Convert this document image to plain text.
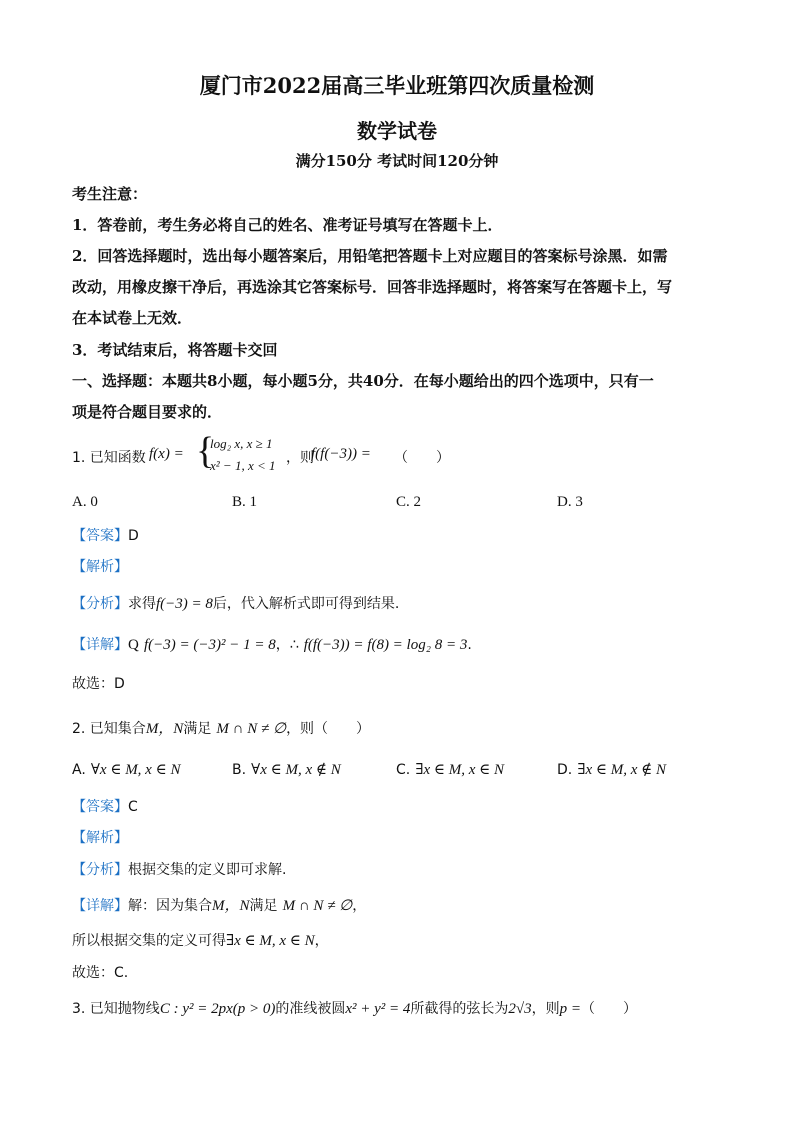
厦门市2022届高三毕业班第四次质量检测
数学试卷
满分150分 考试时间120分钟
考生注意：
1．答卷前，考生务必将自己的姓名、准考证号填写在答题卡上．
2．回答选择题时，选出每小题答案后，用铅笔把答题卡上对应题目的答案标号涂黑．如需
改动，用橡皮擦干净后，再选涂其它答案标号．回答非选择题时，将答案写在答题卡上，写
在本试卷上无效．
3．考试结束后，将答题卡交回
一、选择题：本题共8小题，每小题5分，共40分．在每小题给出的四个选项中，只有一
项是符合题目要求的．
1. 已知函数 f(x) = {
log₂ x, x ≥ 1
x² − 1, x < 1 ，则
f(f(−3)) = （　　）
A. 0	B. 1	C. 2	D. 3
【答案】D
【解析】
【分析】求得f(−3) = 8后，代入解析式即可得到结果.
【详解】Q f(−3) = (−3)² − 1 = 8，∴ f(f(−3)) = f(8) = log₂ 8 = 3.
故选：D
2. 已知集合M，N满足 M ∩ N ≠ ∅，则（　　）
A. ∀x ∈ M, x ∈ N	B. ∀x ∈ M, x ∉ N	C. ∃x ∈ M, x ∈ N	D. ∃x ∈ M, x ∉ N
【答案】C
【解析】
【分析】根据交集的定义即可求解.
【详解】解：因为集合M，N满足 M ∩ N ≠ ∅，
所以根据交集的定义可得∃x ∈ M, x ∈ N，
故选：C.
3. 已知抛物线C : y² = 2px(p > 0)的准线被圆x² + y² = 4所截得的弦长为2√3，则p =（　　）
